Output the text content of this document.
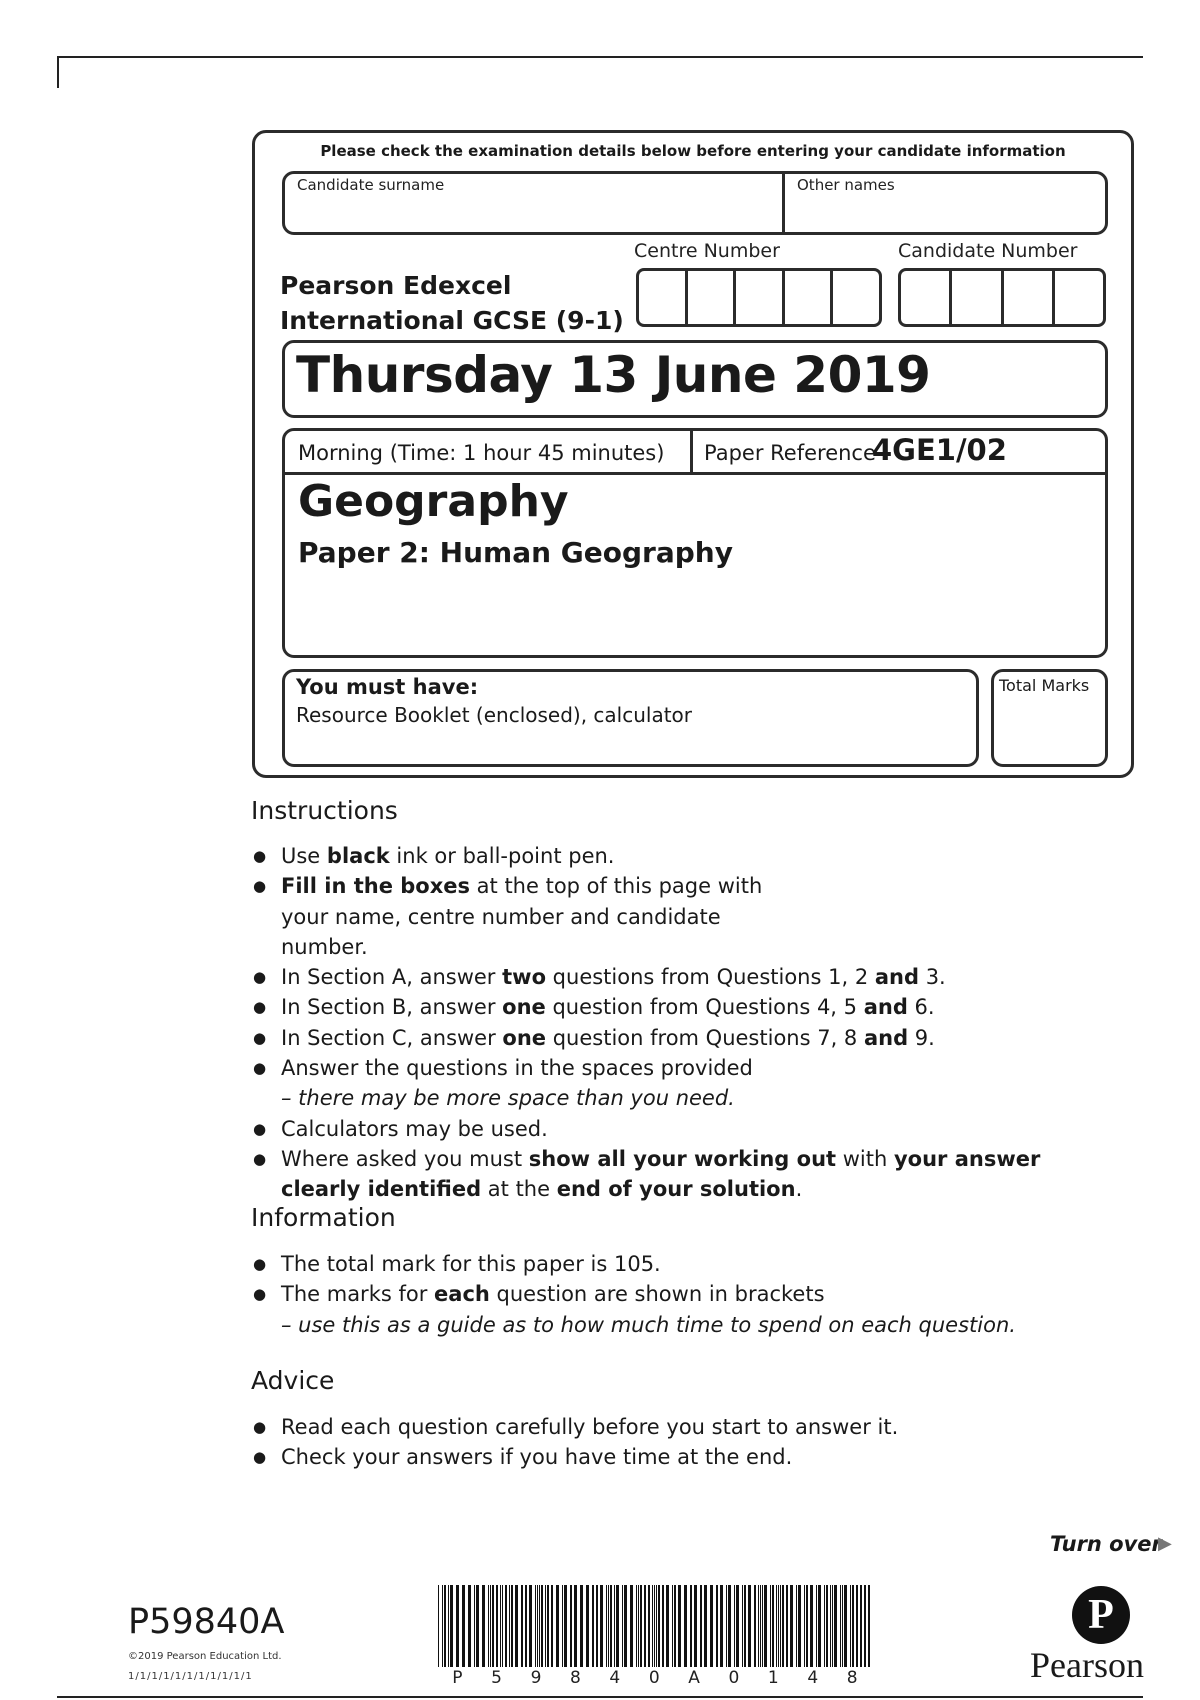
Please check the examination details below before entering your candidate information
Candidate surname	Other names
Pearson Edexcel
International GCSE (9-1)
Centre Number	Candidate Number
Thursday 13 June 2019
Morning (Time: 1 hour 45 minutes) Paper Reference
4GE1/02
Geography
Paper 2: Human Geography
You must have:
Resource Booklet (enclosed), calculator
Total Marks
Instructions
● Use black ink or ball-point pen.
● Fill in the boxes at the top of this page with your name, centre number and candidate number.
● In Section A, answer two questions from Questions 1, 2 and 3.
● In Section B, answer one question from Questions 4, 5 and 6.
● In Section C, answer one question from Questions 7, 8 and 9.
● Answer the questions in the spaces provided
– there may be more space than you need.
● Calculators may be used.
● Where asked you must show all your working out with your answer clearly identified at the end of your solution.
Information
● The total mark for this paper is 105.
● The marks for each question are shown in brackets
– use this as a guide as to how much time to spend on each question.
Advice
● Read each question carefully before you start to answer it.
● Check your answers if you have time at the end.
Turn over
▶
P59840A
©2019 Pearson Education Ltd.
1/1/1/1/1/1/1/1/1/1/1	P 5 9 8 4 0 A 0 1 4 8
P
Pearson
